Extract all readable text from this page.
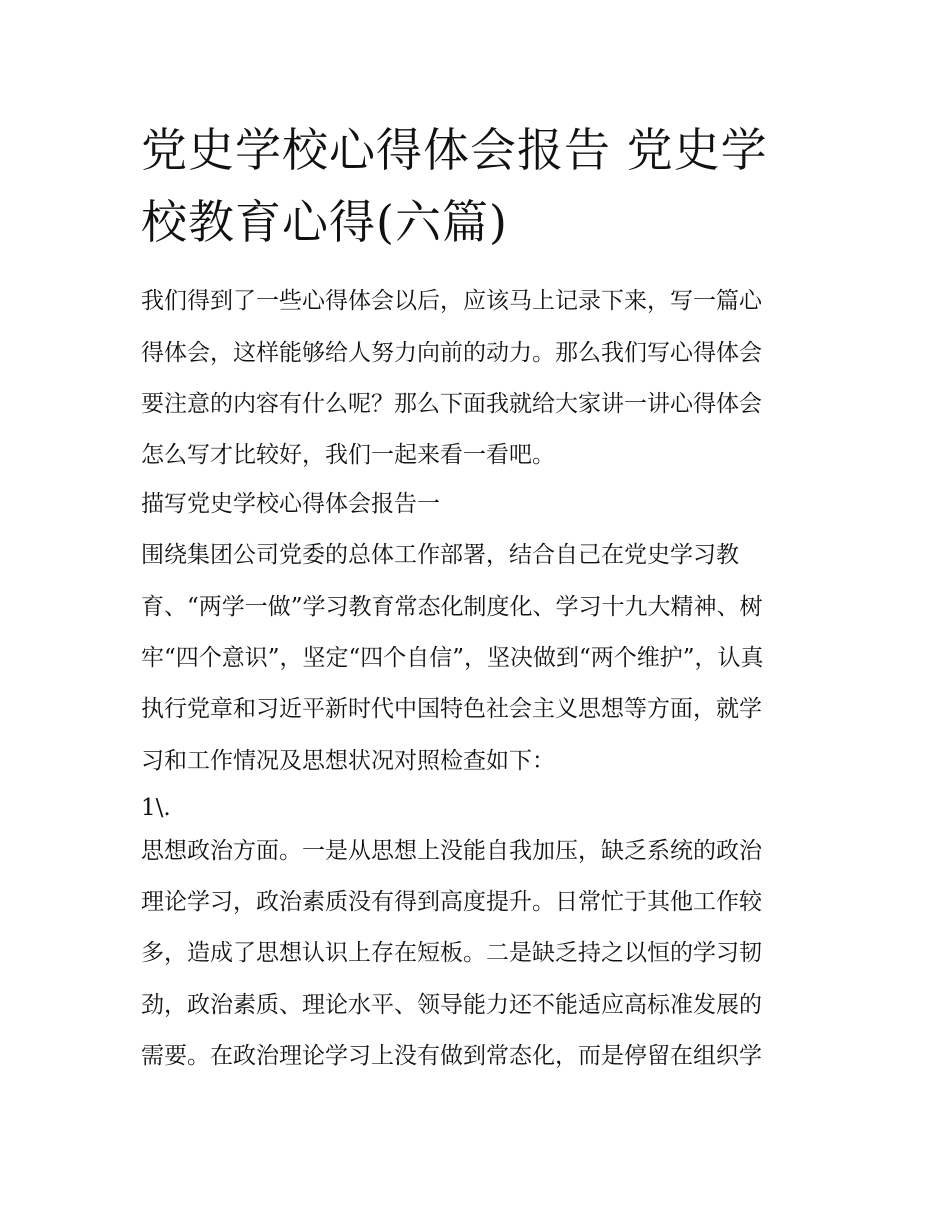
党史学校心得体会报告 党史学
校教育心得(六篇)
我们得到了一些心得体会以后，应该马上记录下来，写一篇心
得体会，这样能够给人努力向前的动力。那么我们写心得体会
要注意的内容有什么呢？那么下面我就给大家讲一讲心得体会
怎么写才比较好，我们一起来看一看吧。
描写党史学校心得体会报告一
围绕集团公司党委的总体工作部署，结合自己在党史学习教
育、“两学一做”学习教育常态化制度化、学习十九大精神、树
牢“四个意识”，坚定“四个自信”，坚决做到“两个维护”，认真
执行党章和习近平新时代中国特色社会主义思想等方面，就学
习和工作情况及思想状况对照检查如下：
1\.
思想政治方面。一是从思想上没能自我加压，缺乏系统的政治
理论学习，政治素质没有得到高度提升。日常忙于其他工作较
多，造成了思想认识上存在短板。二是缺乏持之以恒的学习韧
劲，政治素质、理论水平、领导能力还不能适应高标准发展的
需要。在政治理论学习上没有做到常态化，而是停留在组织学
